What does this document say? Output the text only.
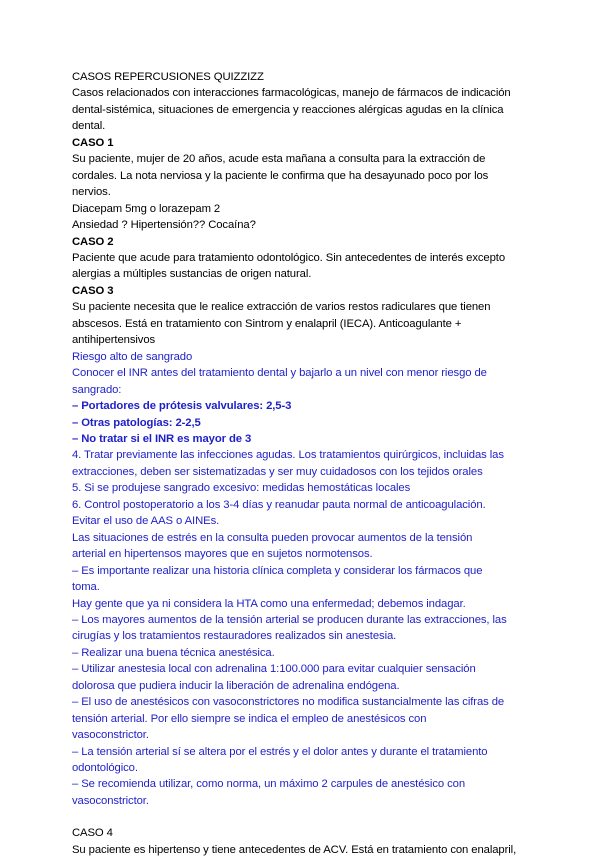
CASOS REPERCUSIONES QUIZZIZZ
Casos relacionados con interacciones farmacológicas, manejo de fármacos de indicación
dental-sistémica, situaciones de emergencia y reacciones alérgicas agudas en la clínica
dental.
CASO 1
Su paciente, mujer de 20 años, acude esta mañana a consulta para la extracción de
cordales. La nota nerviosa y la paciente le confirma que ha desayunado poco por los
nervios.
Diacepam 5mg o lorazepam 2
Ansiedad ? Hipertensión?? Cocaína?
CASO 2
Paciente que acude para tratamiento odontológico. Sin antecedentes de interés excepto
alergias a múltiples sustancias de origen natural.
CASO 3
Su paciente necesita que le realice extracción de varios restos radiculares que tienen
abscesos. Está en tratamiento con Sintrom y enalapril (IECA). Anticoagulante +
antihipertensivos
Riesgo alto de sangrado
Conocer el INR antes del tratamiento dental y bajarlo a un nivel con menor riesgo de
sangrado:
– Portadores de prótesis valvulares: 2,5-3
– Otras patologías: 2-2,5
– No tratar si el INR es mayor de 3
4. Tratar previamente las infecciones agudas. Los tratamientos quirúrgicos, incluidas las
extracciones, deben ser sistematizadas y ser muy cuidadosos con los tejidos orales
5. Si se produjese sangrado excesivo: medidas hemostáticas locales
6. Control postoperatorio a los 3-4 días y reanudar pauta normal de anticoagulación.
Evitar el uso de AAS o AINEs.
Las situaciones de estrés en la consulta pueden provocar aumentos de la tensión
arterial en hipertensos mayores que en sujetos normotensos.
– Es importante realizar una historia clínica completa y considerar los fármacos que
toma.
Hay gente que ya ni considera la HTA como una enfermedad; debemos indagar.
– Los mayores aumentos de la tensión arterial se producen durante las extracciones, las
cirugías y los tratamientos restauradores realizados sin anestesia.
– Realizar una buena técnica anestésica.
– Utilizar anestesia local con adrenalina 1:100.000 para evitar cualquier sensación
dolorosa que pudiera inducir la liberación de adrenalina endógena.
– El uso de anestésicos con vasoconstrictores no modifica sustancialmente las cifras de
tensión arterial. Por ello siempre se indica el empleo de anestésicos con
vasoconstrictor.
– La tensión arterial sí se altera por el estrés y el dolor antes y durante el tratamiento
odontológico.
– Se recomienda utilizar, como norma, un máximo 2 carpules de anestésico con
vasoconstrictor.
CASO 4
Su paciente es hipertenso y tiene antecedentes de ACV. Está en tratamiento con enalapril,
